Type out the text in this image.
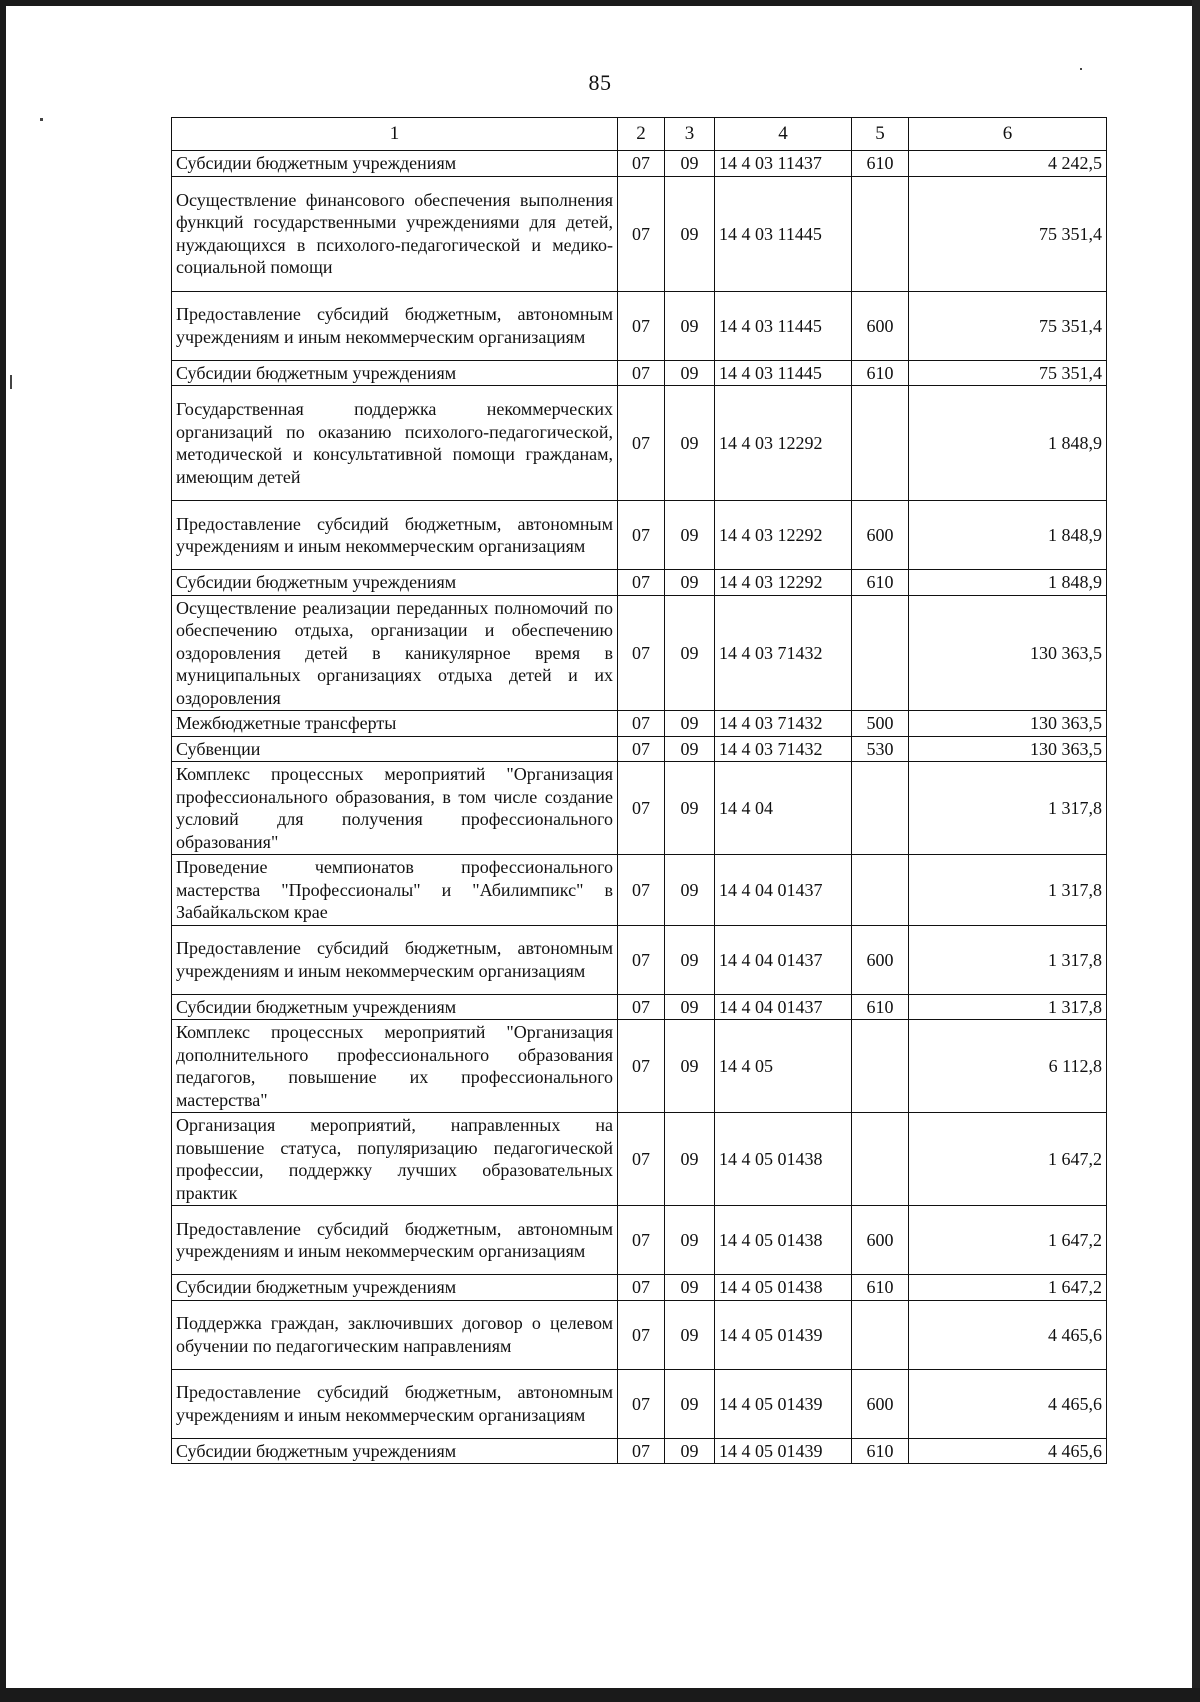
85
1	2	3	4	5	6
Субсидии бюджетным учреждениям	07	09	14 4 03 11437	610	4 242,5
Осуществление финансового обеспечения выполнения функций государственными учреждениями для детей, нуждающихся в психолого-педагогической и медико-социальной помощи	07	09	14 4 03 11445		75 351,4
Предоставление субсидий бюджетным, автономным учреждениям и иным некоммерческим организациям	07	09	14 4 03 11445	600	75 351,4
Субсидии бюджетным учреждениям	07	09	14 4 03 11445	610	75 351,4
Государственная поддержка некоммерческих организаций по оказанию психолого-педагогической, методической и консультативной помощи гражданам, имеющим детей	07	09	14 4 03 12292		1 848,9
Предоставление субсидий бюджетным, автономным учреждениям и иным некоммерческим организациям	07	09	14 4 03 12292	600	1 848,9
Субсидии бюджетным учреждениям	07	09	14 4 03 12292	610	1 848,9
Осуществление реализации переданных полномочий по обеспечению отдыха, организации и обеспечению оздоровления детей в каникулярное время в муниципальных организациях отдыха детей и их оздоровления	07	09	14 4 03 71432		130 363,5
Межбюджетные трансферты	07	09	14 4 03 71432	500	130 363,5
Субвенции	07	09	14 4 03 71432	530	130 363,5
Комплекс процессных мероприятий "Организация профессионального образования, в том числе создание условий для получения профессионального образования"	07	09	14 4 04		1 317,8
Проведение чемпионатов профессионального мастерства "Профессионалы" и "Абилимпикс" в Забайкальском крае	07	09	14 4 04 01437		1 317,8
Предоставление субсидий бюджетным, автономным учреждениям и иным некоммерческим организациям	07	09	14 4 04 01437	600	1 317,8
Субсидии бюджетным учреждениям	07	09	14 4 04 01437	610	1 317,8
Комплекс процессных мероприятий "Организация дополнительного профессионального образования педагогов, повышение их профессионального мастерства"	07	09	14 4 05		6 112,8
Организация мероприятий, направленных на повышение статуса, популяризацию педагогической профессии, поддержку лучших образовательных практик	07	09	14 4 05 01438		1 647,2
Предоставление субсидий бюджетным, автономным учреждениям и иным некоммерческим организациям	07	09	14 4 05 01438	600	1 647,2
Субсидии бюджетным учреждениям	07	09	14 4 05 01438	610	1 647,2
Поддержка граждан, заключивших договор о целевом обучении по педагогическим направлениям	07	09	14 4 05 01439		4 465,6
Предоставление субсидий бюджетным, автономным учреждениям и иным некоммерческим организациям	07	09	14 4 05 01439	600	4 465,6
Субсидии бюджетным учреждениям	07	09	14 4 05 01439	610	4 465,6
